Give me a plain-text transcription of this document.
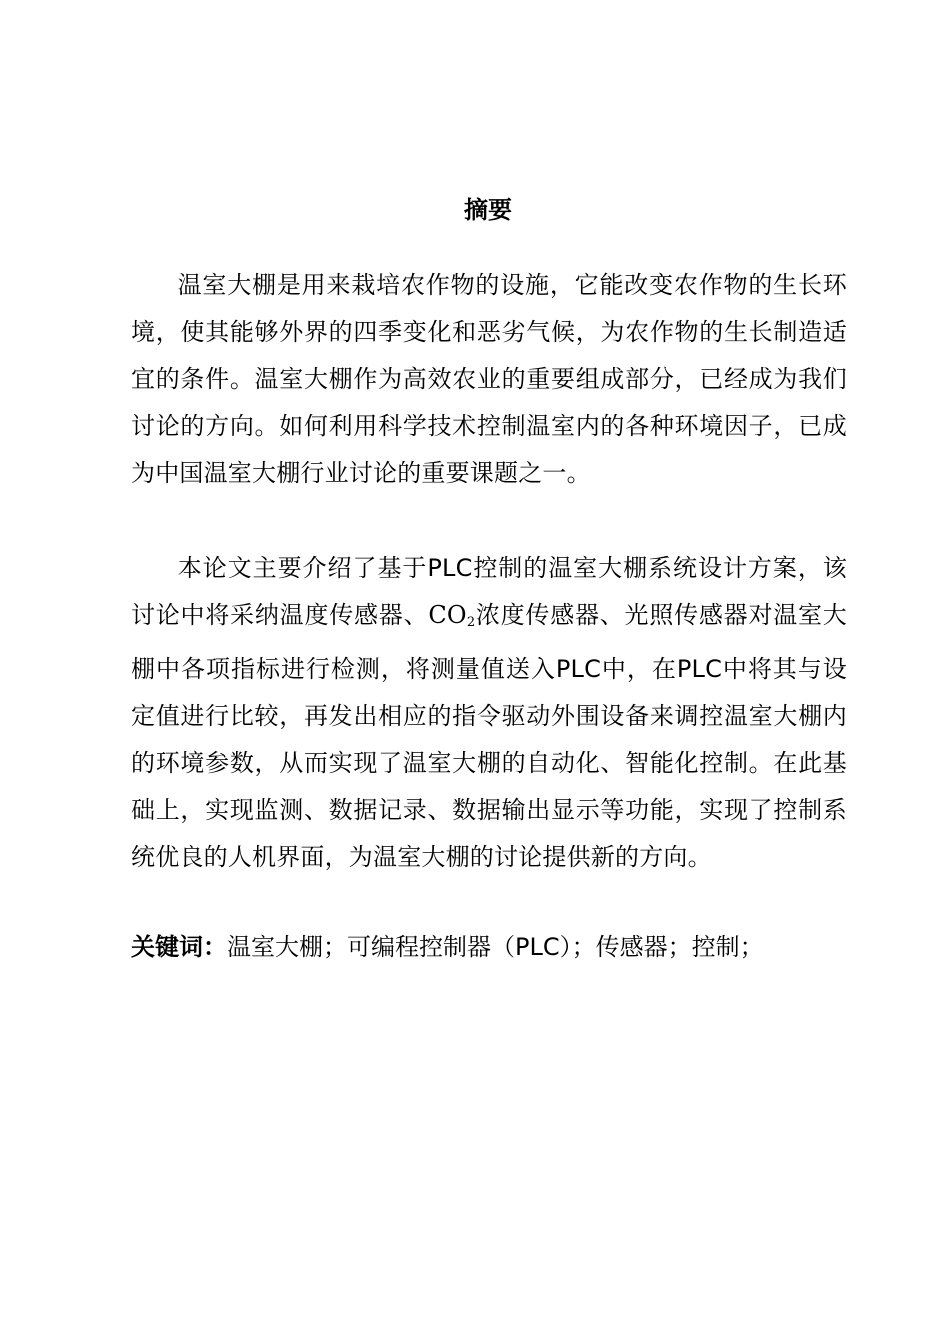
摘要

温室大棚是用来栽培农作物的设施，它能改变农作物的生长环境，使其能够外界的四季变化和恶劣气候，为农作物的生长制造适宜的条件。温室大棚作为高效农业的重要组成部分，已经成为我们讨论的方向。如何利用科学技术控制温室内的各种环境因子，已成为中国温室大棚行业讨论的重要课题之一。

本论文主要介绍了基于PLC控制的温室大棚系统设计方案，该讨论中将采纳温度传感器、$CO_2$浓度传感器、光照传感器对温室大棚中各项指标进行检测，将测量值送入PLC中，在PLC中将其与设定值进行比较，再发出相应的指令驱动外围设备来调控温室大棚内的环境参数，从而实现了温室大棚的自动化、智能化控制。在此基础上，实现监测、数据记录、数据输出显示等功能，实现了控制系统优良的人机界面，为温室大棚的讨论提供新的方向。

关键词：温室大棚；可编程控制器（PLC）；传感器；控制；
